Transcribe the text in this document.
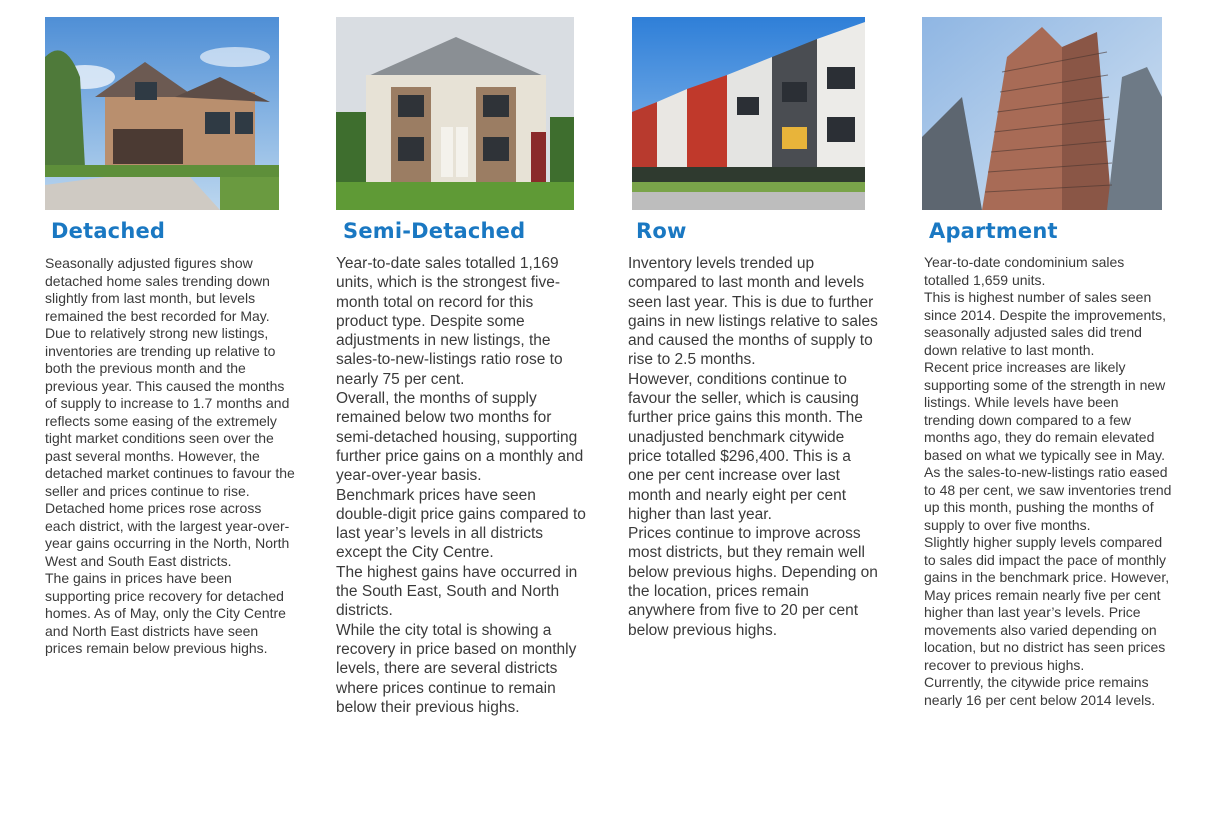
Detached

Seasonally adjusted figures show detached home sales trending down slightly from last month, but levels remained the best recorded for May.

Due to relatively strong new listings, inventories are trending up relative to both the previous month and the previous year. This caused the months of supply to increase to 1.7 months and reflects some easing of the extremely tight market conditions seen over the past several months. However, the detached market continues to favour the seller and prices continue to rise.

Detached home prices rose across each district, with the largest year-over-year gains occurring in the North, North West and South East districts.

The gains in prices have been supporting price recovery for detached homes. As of May, only the City Centre and North East districts have seen prices remain below previous highs.

Semi-Detached

Year-to-date sales totalled 1,169 units, which is the strongest five-month total on record for this product type. Despite some adjustments in new listings, the sales-to-new-listings ratio rose to nearly 75 per cent.

Overall, the months of supply remained below two months for semi-detached housing, supporting further price gains on a monthly and year-over-year basis.

Benchmark prices have seen double-digit price gains compared to last year’s levels in all districts except the City Centre.

The highest gains have occurred in the South East, South and North districts.

While the city total is showing a recovery in price based on monthly levels, there are several districts where prices continue to remain below their previous highs.

Row

Inventory levels trended up compared to last month and levels seen last year. This is due to further gains in new listings relative to sales and caused the months of supply to rise to 2.5 months.

However, conditions continue to favour the seller, which is causing further price gains this month. The unadjusted benchmark citywide price totalled $296,400. This is a one per cent increase over last month and nearly eight per cent higher than last year.

Prices continue to improve across most districts, but they remain well below previous highs. Depending on the location, prices remain anywhere from five to 20 per cent below previous highs.

Apartment

Year-to-date condominium sales totalled 1,659 units.

This is highest number of sales seen since 2014. Despite the improvements, seasonally adjusted sales did trend down relative to last month.

Recent price increases are likely supporting some of the strength in new listings. While levels have been trending down compared to a few months ago, they do remain elevated based on what we typically see in May. As the sales-to-new-listings ratio eased to 48 per cent, we saw inventories trend up this month, pushing the months of supply to over five months.

Slightly higher supply levels compared to sales did impact the pace of monthly gains in the benchmark price. However, May prices remain nearly five per cent higher than last year’s levels. Price movements also varied depending on location, but no district has seen prices recover to previous highs.

Currently, the citywide price remains nearly 16 per cent below 2014 levels.
